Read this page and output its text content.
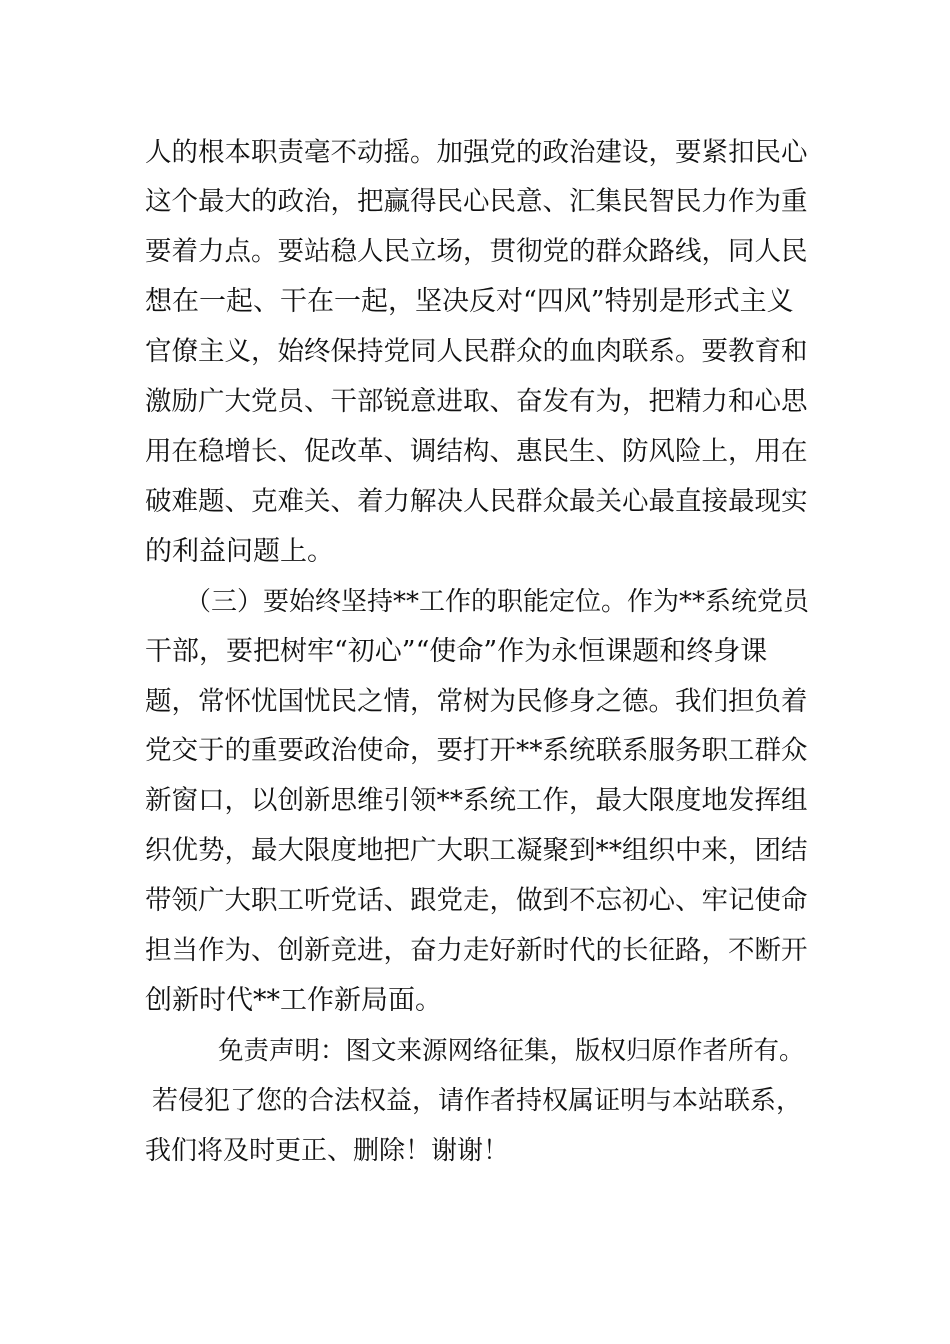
人的根本职责毫不动摇。加强党的政治建设，要紧扣民心
这个最大的政治，把赢得民心民意、汇集民智民力作为重
要着力点。要站稳人民立场，贯彻党的群众路线，同人民
想在一起、干在一起，坚决反对“四风”特别是形式主义
官僚主义，始终保持党同人民群众的血肉联系。要教育和
激励广大党员、干部锐意进取、奋发有为，把精力和心思
用在稳增长、促改革、调结构、惠民生、防风险上，用在
破难题、克难关、着力解决人民群众最关心最直接最现实
的利益问题上。
（三）要始终坚持**工作的职能定位。作为**系统党员
干部，要把树牢“初心”“使命”作为永恒课题和终身课
题，常怀忧国忧民之情，常树为民修身之德。我们担负着
党交于的重要政治使命，要打开**系统联系服务职工群众
新窗口，以创新思维引领**系统工作，最大限度地发挥组
织优势，最大限度地把广大职工凝聚到**组织中来，团结
带领广大职工听党话、跟党走，做到不忘初心、牢记使命
担当作为、创新竞进，奋力走好新时代的长征路，不断开
创新时代**工作新局面。
免责声明：图文来源网络征集，版权归原作者所有。
若侵犯了您的合法权益，请作者持权属证明与本站联系，
我们将及时更正、删除！谢谢！
